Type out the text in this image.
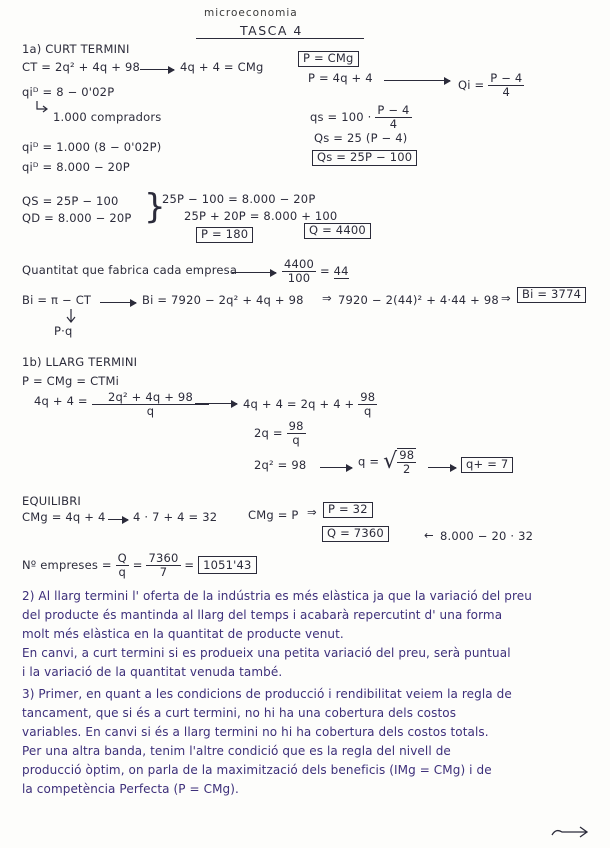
microeconomia
TASCA 4
1a) CURT TERMINI
CT = 2q² + 4q + 98	4q + 4 = CMg
P = CMg
P = 4q + 4
$Qi = \frac{P - 4}{4}$
qiᴰ = 8 − 0'02P
1.000 compradors	qs = $100 \cdot \frac{P - 4}{4}$
Qs = 25 (P − 4)
Qs = 25P − 100
qiᴰ = 1.000 (8 − 0'02P)
qiᴰ = 8.000 − 20P
QS = 25P − 100
QD = 8.000 − 20P }
25P − 100 = 8.000 − 20P
25P + 20P = 8.000 + 100
P = 180	Q = 4400
Quantitat que fabrica cada empresa	$\frac{4400}{100} = 44$
Bi = π − CT	Bi = 7920 − 2q² + 4q + 98 ⇒ 7920 − 2(44)² + 4·44 + 98 ⇒ Bi = 3774
P·q
1b) LLARG TERMINI
P = CMg = CTMi
$4q + 4 = \frac{\text{2q² + 4q + 98}}{q}$	$4q + 4 = 2q + 4 + \frac{98}{q}$
$2q = \frac{98}{q}$
2q² = 98	q = √ $\frac{98}{2}$	q+ = 7
EQUILIBRI
CMg = 4q + 4 4 · 7 + 4 = 32	CMg = P ⇒ P = 32
Q = 7360	← 8.000 − 20 · 32
Nº empreses = $\frac{Q}{q} = \frac{7360}{7} = 1051'43$
2) Al llarg termini l' oferta de la indústria es més elàstica ja que la variació del preu
del producte és mantinda al llarg del temps i acabarà repercutint d' una forma
molt més elàstica en la quantitat de producte venut.
En canvi, a curt termini si es produeix una petita variació del preu, serà puntual
i la variació de la quantitat venuda també.
3) Primer, en quant a les condicions de producció i rendibilitat veiem la regla de
tancament, que si és a curt termini, no hi ha una cobertura dels costos
variables. En canvi si és a llarg termini no hi ha cobertura dels costos totals.
Per una altra banda, tenim l'altre condició que es la regla del nivell de
producció òptim, on parla de la maximització dels beneficis (IMg = CMg) i de
la competència Perfecta (P = CMg).
